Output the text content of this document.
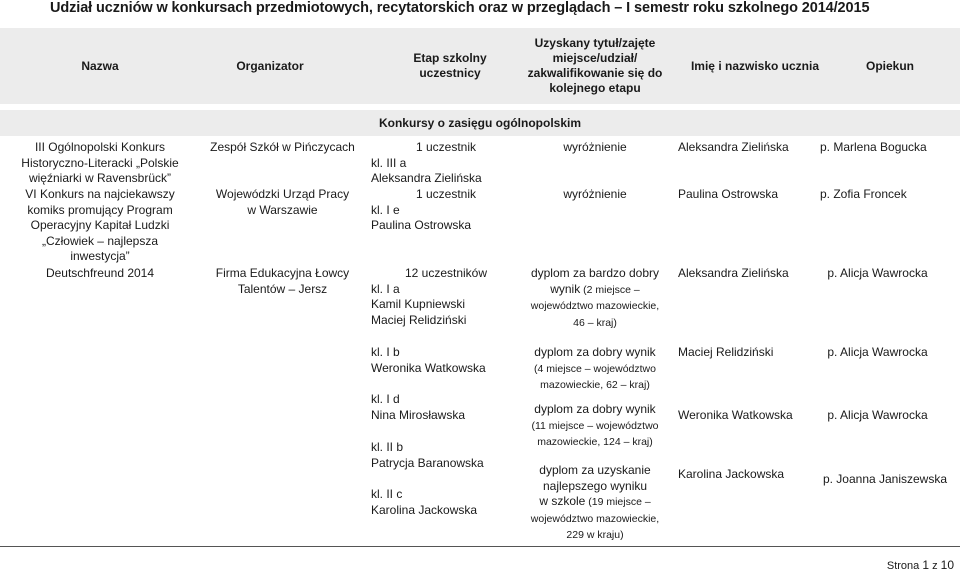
Udział uczniów w konkursach przedmiotowych, recytatorskich oraz w przeglądach – I semestr roku szkolnego 2014/2015
Nazwa	Organizator
Etap szkolny
uczestnicy
Uzyskany tytuł/zajęte
miejsce/udział/
zakwalifikowanie się do
kolejnego etapu
Imię i nazwisko ucznia	Opiekun
Konkursy o zasięgu ogólnopolskim
III Ogólnopolski Konkurs
Historyczno-Literacki „Polskie
więźniarki w Ravensbrück”
VI Konkurs na najciekawszy
komiks promujący Program
Operacyjny Kapitał Ludzki
„Człowiek – najlepsza
inwestycja”
Deutschfreund 2014
Zespół Szkół w Pińczycach
Wojewódzki Urząd Pracy
w Warszawie
Firma Edukacyjna Łowcy
Talentów – Jersz
1 uczestnik
kl. III a
Aleksandra Zielińska
1 uczestnik
kl. I e
Paulina Ostrowska
12 uczestników
kl. I a
Kamil Kupniewski
Maciej Relidziński
kl. I b
Weronika Watkowska
kl. I d
Nina Mirosławska
kl. II b
Patrycja Baranowska
kl. II c
Karolina Jackowska
wyróżnienie
wyróżnienie
dyplom za bardzo dobry
wynik (2 miejsce –
województwo mazowieckie,
46 – kraj)
dyplom za dobry wynik
(4 miejsce – województwo
mazowieckie, 62 – kraj)
dyplom za dobry wynik
(11 miejsce – województwo
mazowieckie, 124 – kraj)
dyplom za uzyskanie
najlepszego wyniku
w szkole (19 miejsce –
województwo mazowieckie,
229 w kraju)
Aleksandra Zielińska
Paulina Ostrowska
Aleksandra Zielińska
Maciej Relidziński
Weronika Watkowska
Karolina Jackowska
p. Marlena Bogucka
p. Zofia Froncek
p. Alicja Wawrocka
p. Alicja Wawrocka
p. Alicja Wawrocka
p. Joanna Janiszewska
Strona 1 z 10
